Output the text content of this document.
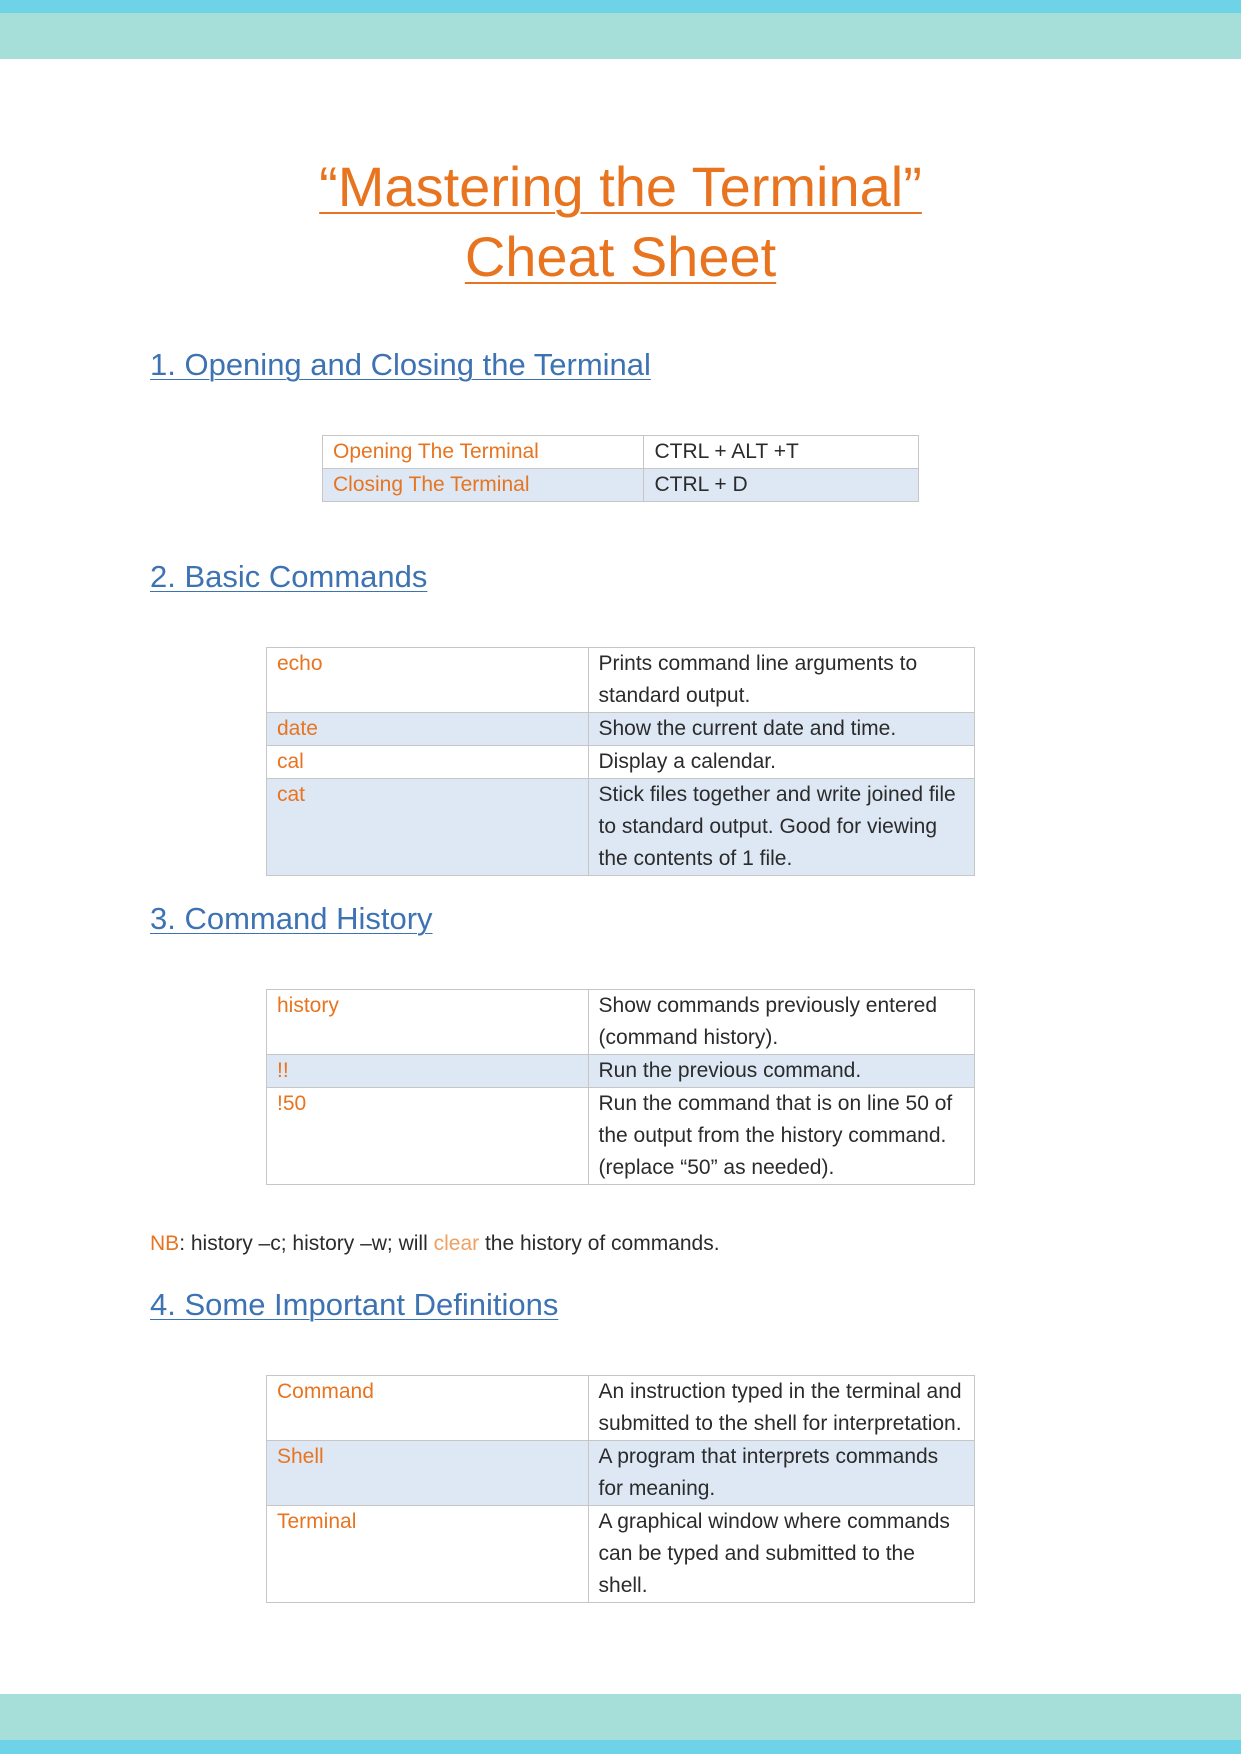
“Mastering the Terminal”
Cheat Sheet
1. Opening and Closing the Terminal
Opening The Terminal	CTRL + ALT +T
Closing The Terminal	CTRL + D
2. Basic Commands
echo	Prints command line arguments to standard output.
date	Show the current date and time.
cal	Display a calendar.
cat	Stick files together and write joined file to standard output. Good for viewing the contents of 1 file.
3. Command History
history	Show commands previously entered (command history).
!!	Run the previous command.
!50	Run the command that is on line 50 of the output from the history command. (replace “50” as needed).
NB: history –c; history –w; will clear the history of commands.
4. Some Important Definitions
Command	An instruction typed in the terminal and submitted to the shell for interpretation.
Shell	A program that interprets commands for meaning.
Terminal	A graphical window where commands can be typed and submitted to the shell.
